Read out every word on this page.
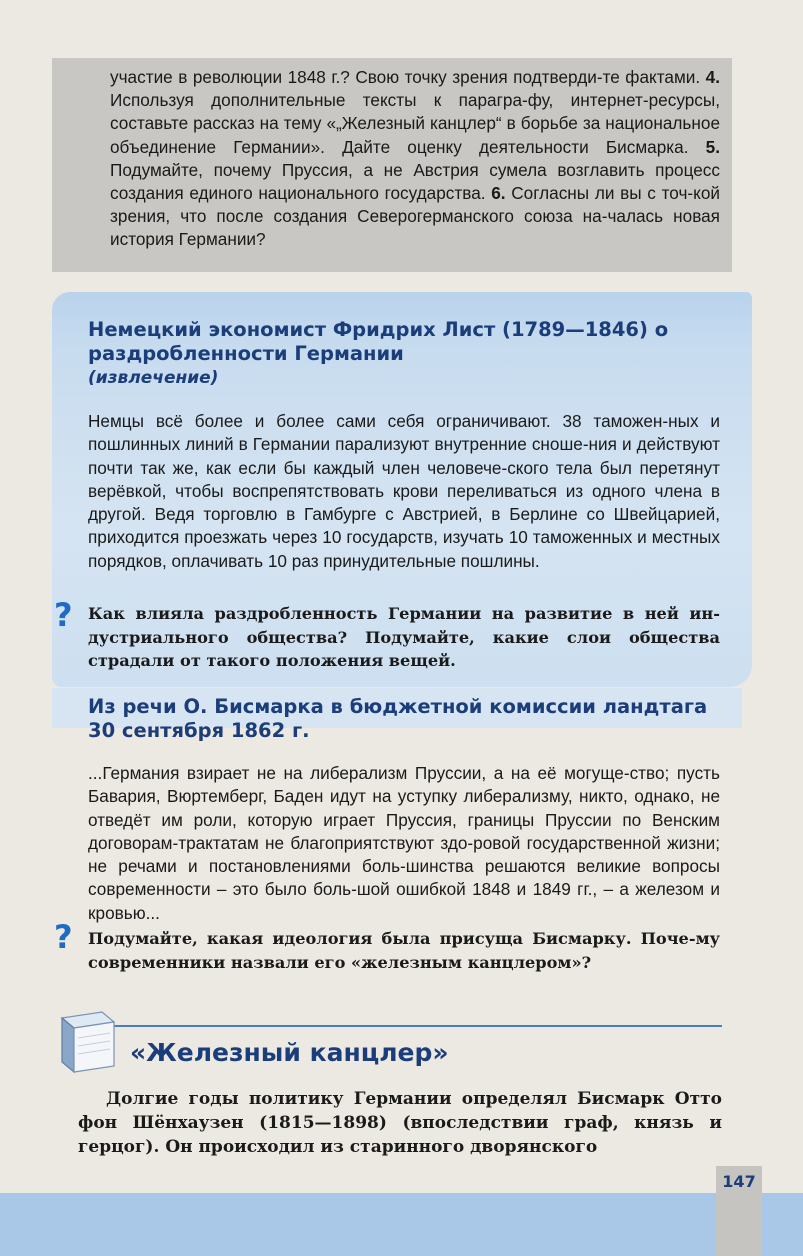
участие в революции 1848 г.? Свою точку зрения подтверди-те фактами. 4. Используя дополнительные тексты к парагра-фу, интернет-ресурсы, составьте рассказ на тему «„Железный канцлер“ в борьбе за национальное объединение Германии». Дайте оценку деятельности Бисмарка. 5. Подумайте, почему Пруссия, а не Австрия сумела возглавить процесс создания единого национального государства. 6. Согласны ли вы с точ-кой зрения, что после создания Северогерманского союза на-чалась новая история Германии?

Немецкий экономист Фридрих Лист (1789—1846) о раздробленности Германии
(извлечение)

Немцы всё более и более сами себя ограничивают. 38 таможен-ных и пошлинных линий в Германии парализуют внутренние сноше-ния и действуют почти так же, как если бы каждый член человече-ского тела был перетянут верёвкой, чтобы воспрепятствовать крови переливаться из одного члена в другой. Ведя торговлю в Гамбурге с Австрией, в Берлине со Швейцарией, приходится проезжать через 10 государств, изучать 10 таможенных и местных порядков, оплачивать 10 раз принудительные пошлины.

? Как влияла раздробленность Германии на развитие в ней ин-дустриального общества? Подумайте, какие слои общества страдали от такого положения вещей.

Из речи О. Бисмарка в бюджетной комиссии ландтага 30 сентября 1862 г.

...Германия взирает не на либерализм Пруссии, а на её могуще-ство; пусть Бавария, Вюртемберг, Баден идут на уступку либерализму, никто, однако, не отведёт им роли, которую играет Пруссия, границы Пруссии по Венским договорам-трактатам не благоприятствуют здо-ровой государственной жизни; не речами и постановлениями боль-шинства решаются великие вопросы современности – это было боль-шой ошибкой 1848 и 1849 гг., – а железом и кровью...

? Подумайте, какая идеология была присуща Бисмарку. Поче-му современники назвали его «железным канцлером»?

«Железный канцлер»

Долгие годы политику Германии определял Бисмарк Отто фон Шёнхаузен (1815—1898) (впоследствии граф, князь и герцог). Он происходил из старинного дворянского

147
